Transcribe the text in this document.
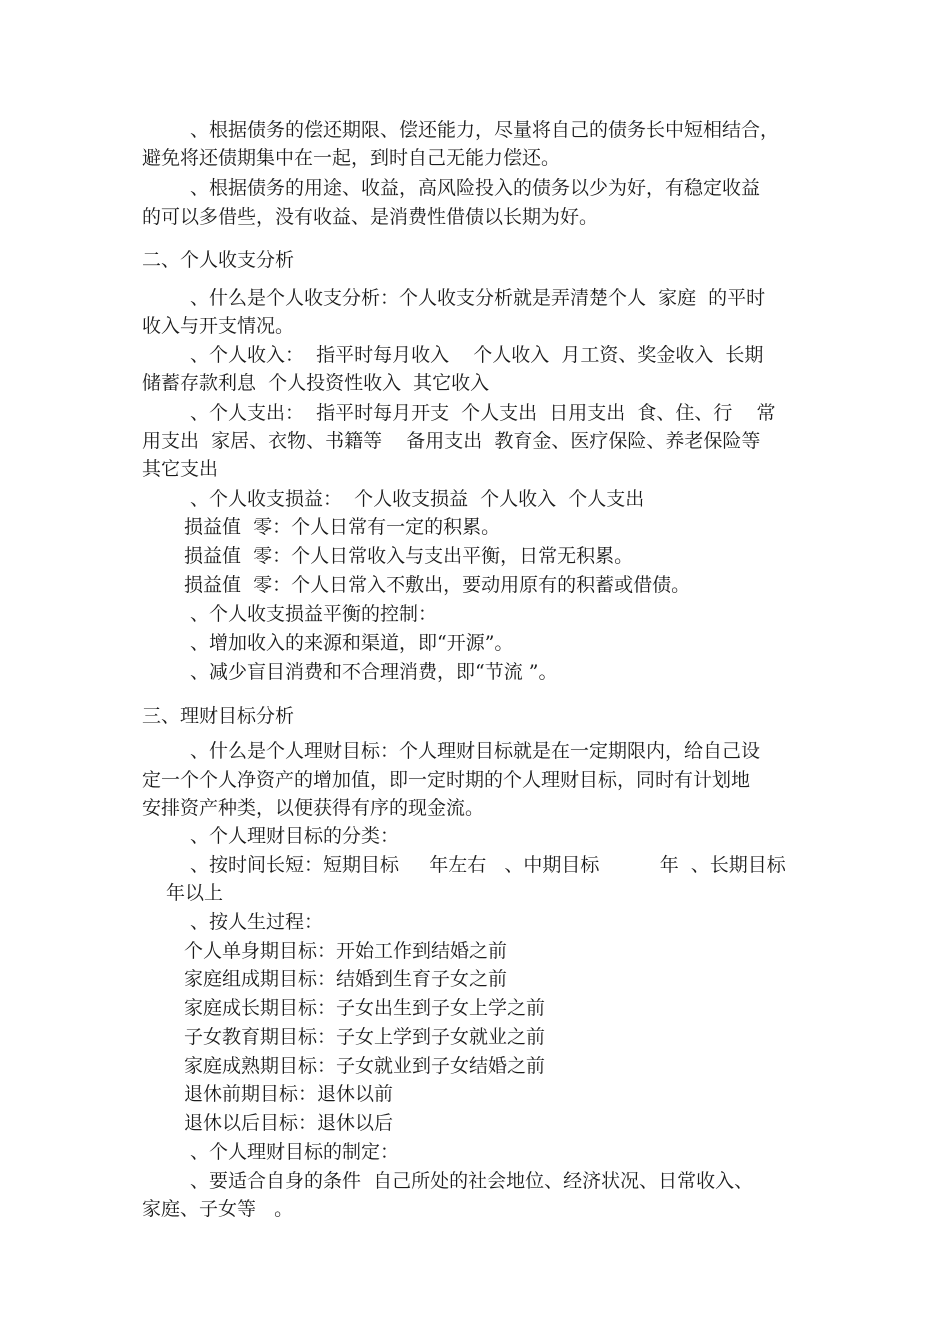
、根据债务的偿还期限、偿还能力，尽量将自己的债务长中短相结合，
避免将还债期集中在一起，到时自己无能力偿还。
、根据债务的用途、收益，高风险投入的债务以少为好，有稳定收益
的可以多借些，没有收益、是消费性借债以长期为好。
二、个人收支分析
、什么是个人收支分析：个人收支分析就是弄清楚个人  家庭  的平时
收入与开支情况。
、个人收入：  指平时每月收入    个人收入  月工资、奖金收入  长期
储蓄存款利息  个人投资性收入  其它收入
、个人支出：  指平时每月开支  个人支出  日用支出  食、住、行    常
用支出  家居、衣物、书籍等    备用支出  教育金、医疗保险、养老保险等
其它支出
、个人收支损益：  个人收支损益  个人收入  个人支出
损益值  零：个人日常有一定的积累。
损益值  零：个人日常收入与支出平衡，日常无积累。
损益值  零：个人日常入不敷出，要动用原有的积蓄或借债。
、个人收支损益平衡的控制：
、增加收入的来源和渠道，即“开源”。
、减少盲目消费和不合理消费，即“节流 ”。
三、理财目标分析
、什么是个人理财目标：个人理财目标就是在一定期限内，给自己设
定一个个人净资产的增加值，即一定时期的个人理财目标，同时有计划地
安排资产种类，以便获得有序的现金流。
、个人理财目标的分类：
、按时间长短：短期目标     年左右   、中期目标          年  、长期目标
年以上
、按人生过程：
个人单身期目标：开始工作到结婚之前
家庭组成期目标：结婚到生育子女之前
家庭成长期目标：子女出生到子女上学之前
子女教育期目标：子女上学到子女就业之前
家庭成熟期目标：子女就业到子女结婚之前
退休前期目标：退休以前
退休以后目标：退休以后
、个人理财目标的制定：
、要适合自身的条件  自己所处的社会地位、经济状况、日常收入、
家庭、子女等   。
